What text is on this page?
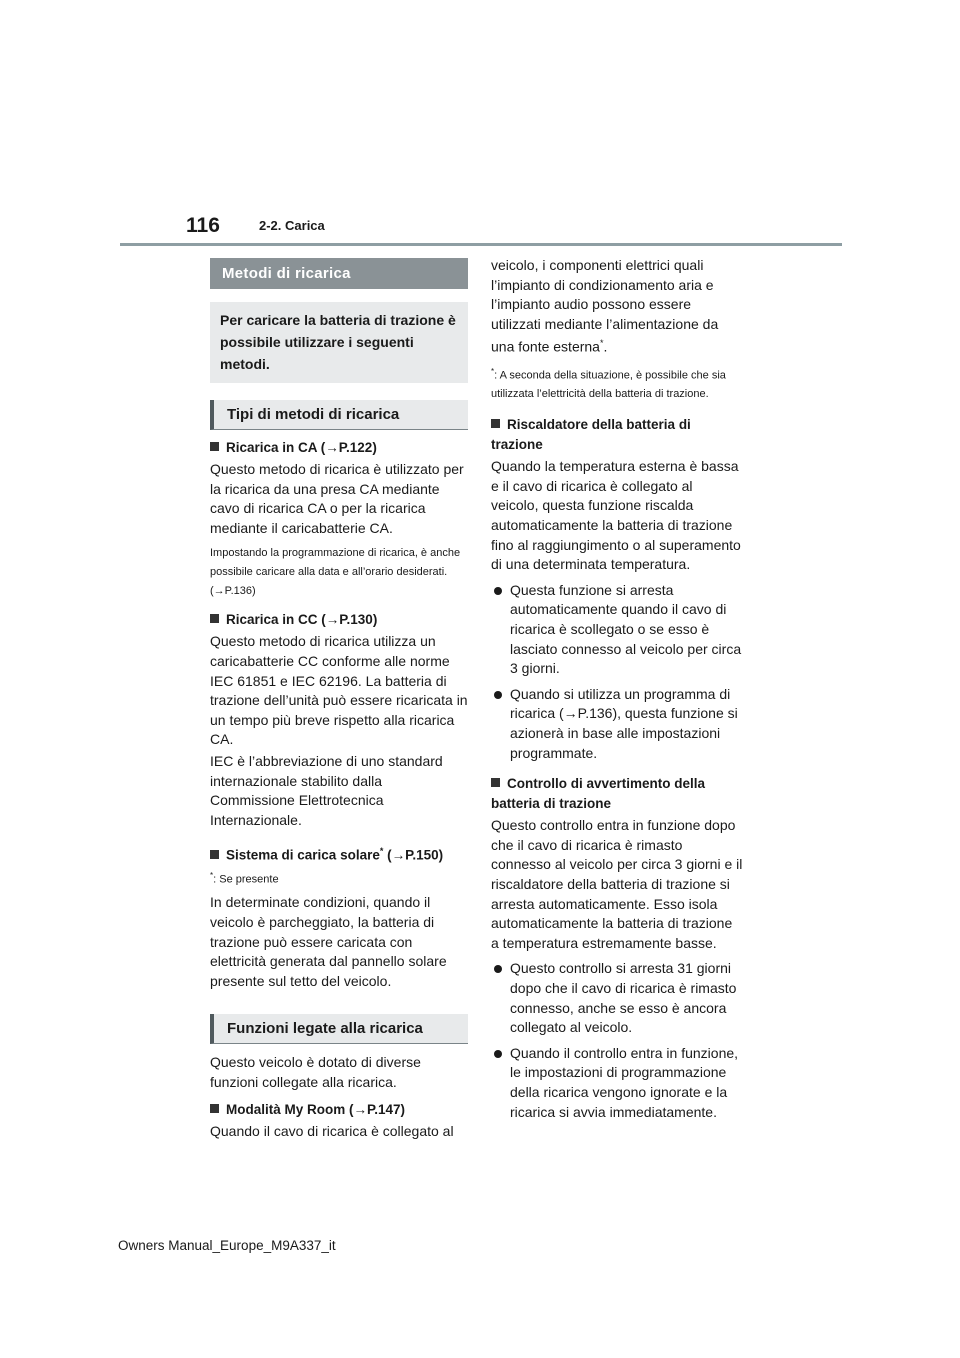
116	2-2. Carica
Metodi di ricarica
Per caricare la batteria di trazione è possibile utilizzare i seguenti metodi.
Tipi di metodi di ricarica
Ricarica in CA (→P.122)
Questo metodo di ricarica è utilizzato per la ricarica da una presa CA mediante cavo di ricarica CA o per la ricarica mediante il caricabatterie CA.
Impostando la programmazione di ricarica, è anche possibile caricare alla data e all’orario desiderati. (→P.136)
Ricarica in CC (→P.130)
Questo metodo di ricarica utilizza un caricabatterie CC conforme alle norme IEC 61851 e IEC 62196. La batteria di trazione dell’unità può essere ricaricata in un tempo più breve rispetto alla ricarica CA.
IEC è l’abbreviazione di uno standard internazionale stabilito dalla Commissione Elettrotecnica Internazionale.
Sistema di carica solare* (→P.150)
*: Se presente
In determinate condizioni, quando il veicolo è parcheggiato, la batteria di trazione può essere caricata con elettricità generata dal pannello solare presente sul tetto del veicolo.
Funzioni legate alla ricarica
Questo veicolo è dotato di diverse funzioni collegate alla ricarica.
Modalità My Room (→P.147)
Quando il cavo di ricarica è collegato al
veicolo, i componenti elettrici quali l’impianto di condizionamento aria e l’impianto audio possono essere utilizzati mediante l’alimentazione da una fonte esterna*.
*: A seconda della situazione, è possibile che sia utilizzata l’elettricità della batteria di trazione.
Riscaldatore della batteria di trazione
Quando la temperatura esterna è bassa e il cavo di ricarica è collegato al veicolo, questa funzione riscalda automaticamente la batteria di trazione fino al raggiungimento o al superamento di una determinata temperatura.
Questa funzione si arresta automaticamente quando il cavo di ricarica è scollegato o se esso è lasciato connesso al veicolo per circa 3 giorni.
Quando si utilizza un programma di ricarica (→P.136), questa funzione si azionerà in base alle impostazioni programmate.
Controllo di avvertimento della batteria di trazione
Questo controllo entra in funzione dopo che il cavo di ricarica è rimasto connesso al veicolo per circa 3 giorni e il riscaldatore della batteria di trazione si arresta automaticamente. Esso isola automaticamente la batteria di trazione a temperatura estremamente basse.
Questo controllo si arresta 31 giorni dopo che il cavo di ricarica è rimasto connesso, anche se esso è ancora collegato al veicolo.
Quando il controllo entra in funzione, le impostazioni di programmazione della ricarica vengono ignorate e la ricarica si avvia immediatamente.
Owners Manual_Europe_M9A337_it
